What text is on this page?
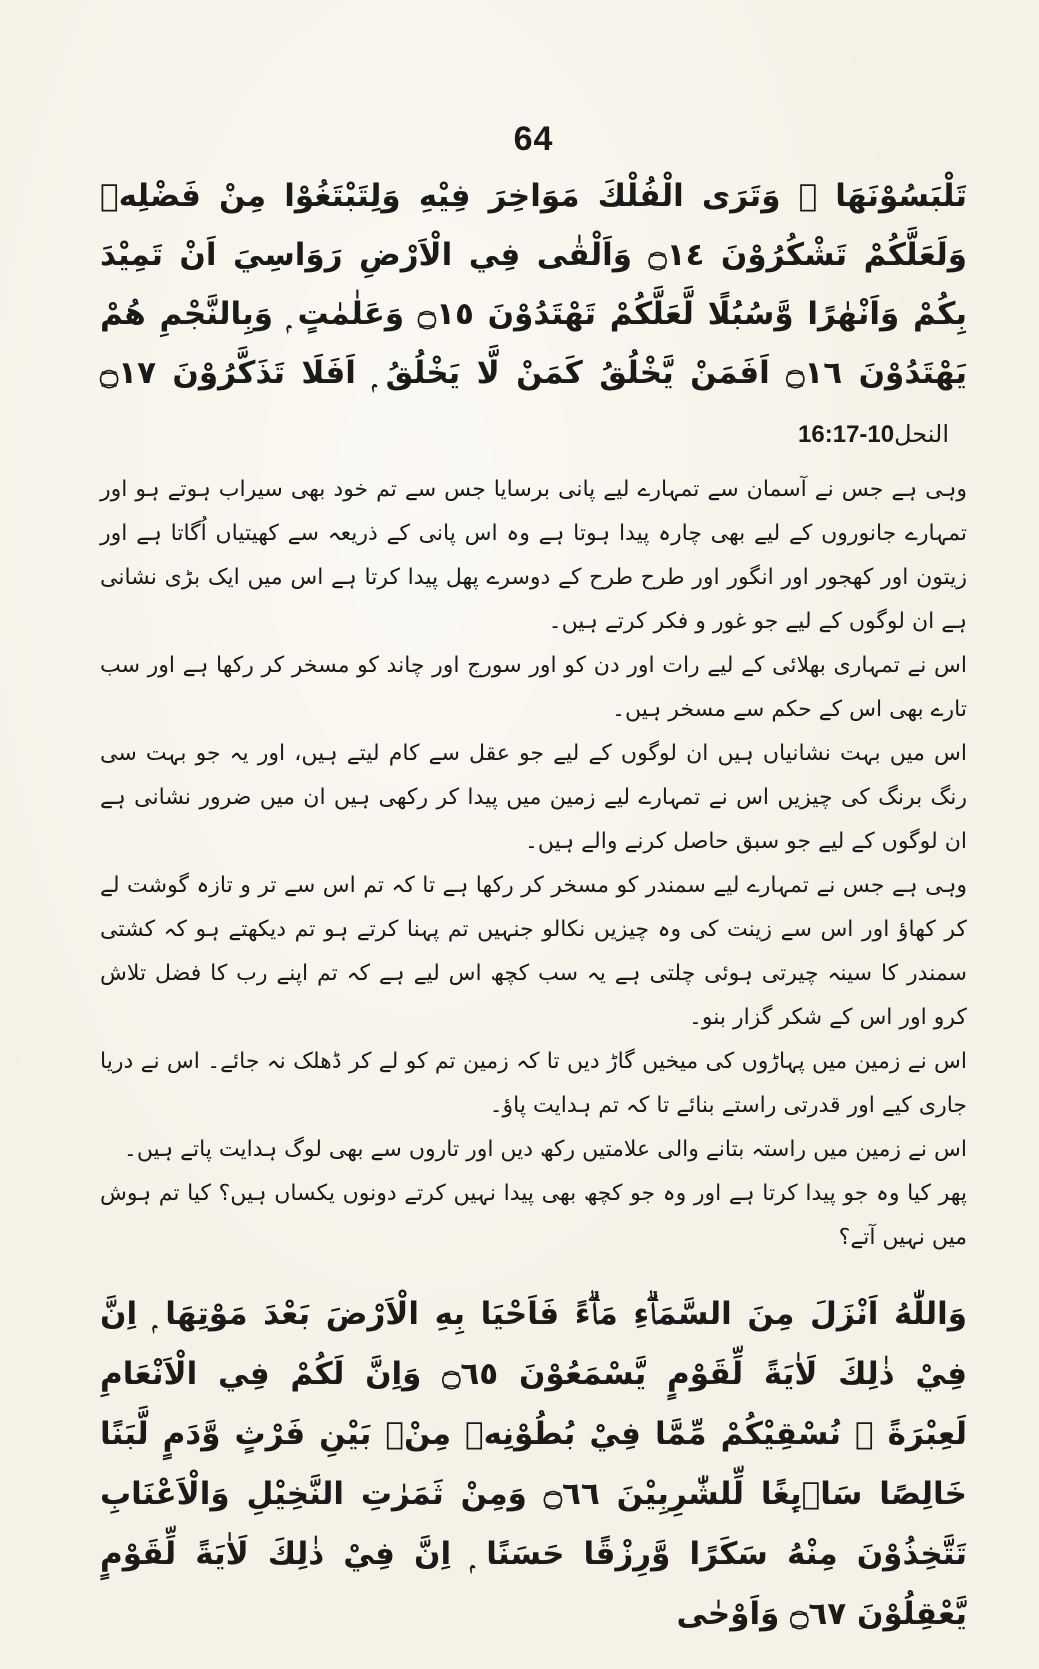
64

تَلْبَسُوْنَهَا ۚ وَتَرَى الْفُلْكَ مَوَاخِرَ فِيْهِ وَلِتَبْتَغُوْا مِنْ فَضْلِهٖ وَلَعَلَّكُمْ تَشْكُرُوْنَ ۝١٤ وَاَلْقٰى فِي الْاَرْضِ رَوَاسِيَ اَنْ تَمِيْدَ بِكُمْ وَاَنْهٰرًا وَّسُبُلًا لَّعَلَّكُمْ تَهْتَدُوْنَ ۝١٥ وَعَلٰمٰتٍ ۭ وَبِالنَّجْمِ هُمْ يَهْتَدُوْنَ ۝١٦ اَفَمَنْ يَّخْلُقُ كَمَنْ لَّا يَخْلُقُ ۭ اَفَلَا تَذَكَّرُوْنَ ۝١٧ النحل16:17-10

وہی ہے جس نے آسمان سے تمہارے لیے پانی برسایا جس سے تم خود بھی سیراب ہوتے ہو اور تمہارے جانوروں کے لیے بھی چارہ پیدا ہوتا ہے وہ اس پانی کے ذریعہ سے کھیتیاں اُگاتا ہے اور زیتون اور کھجور اور انگور اور طرح طرح کے دوسرے پھل پیدا کرتا ہے اس میں ایک بڑی نشانی ہے ان لوگوں کے لیے جو غور و فکر کرتے ہیں۔

اس نے تمہاری بھلائی کے لیے رات اور دن کو اور سورج اور چاند کو مسخر کر رکھا ہے اور سب تارے بھی اس کے حکم سے مسخر ہیں۔

اس میں بہت نشانیاں ہیں ان لوگوں کے لیے جو عقل سے کام لیتے ہیں، اور یہ جو بہت سی رنگ برنگ کی چیزیں اس نے تمہارے لیے زمین میں پیدا کر رکھی ہیں ان میں ضرور نشانی ہے ان لوگوں کے لیے جو سبق حاصل کرنے والے ہیں۔

وہی ہے جس نے تمہارے لیے سمندر کو مسخر کر رکھا ہے تا کہ تم اس سے تر و تازہ گوشت لے کر کھاؤ اور اس سے زینت کی وہ چیزیں نکالو جنہیں تم پہنا کرتے ہو تم دیکھتے ہو کہ کشتی سمندر کا سینہ چیرتی ہوئی چلتی ہے یہ سب کچھ اس لیے ہے کہ تم اپنے رب کا فضل تلاش کرو اور اس کے شکر گزار بنو۔

اس نے زمین میں پہاڑوں کی میخیں گاڑ دیں تا کہ زمین تم کو لے کر ڈھلک نہ جائے۔ اس نے دریا جاری کیے اور قدرتی راستے بنائے تا کہ تم ہدایت پاؤ۔

اس نے زمین میں راستہ بتانے والی علامتیں رکھ دیں اور تاروں سے بھی لوگ ہدایت پاتے ہیں۔

پھر کیا وہ جو پیدا کرتا ہے اور وہ جو کچھ بھی پیدا نہیں کرتے دونوں یکساں ہیں؟ کیا تم ہوش میں نہیں آتے؟

وَاللّٰهُ اَنْزَلَ مِنَ السَّمَاۗءِ مَاۗءً فَاَحْيَا بِهِ الْاَرْضَ بَعْدَ مَوْتِهَا ۭ اِنَّ فِيْ ذٰلِكَ لَاٰيَةً لِّقَوْمٍ يَّسْمَعُوْنَ ۝٦٥ وَاِنَّ لَكُمْ فِي الْاَنْعَامِ لَعِبْرَةً ۭ نُسْقِيْكُمْ مِّمَّا فِيْ بُطُوْنِهٖ مِنْۢ بَيْنِ فَرْثٍ وَّدَمٍ لَّبَنًا خَالِصًا سَاۗىِٕغًا لِّلشّٰرِبِيْنَ ۝٦٦ وَمِنْ ثَمَرٰتِ النَّخِيْلِ وَالْاَعْنَابِ تَتَّخِذُوْنَ مِنْهُ سَكَرًا وَّرِزْقًا حَسَنًا ۭ اِنَّ فِيْ ذٰلِكَ لَاٰيَةً لِّقَوْمٍ يَّعْقِلُوْنَ ۝٦٧ وَاَوْحٰى
